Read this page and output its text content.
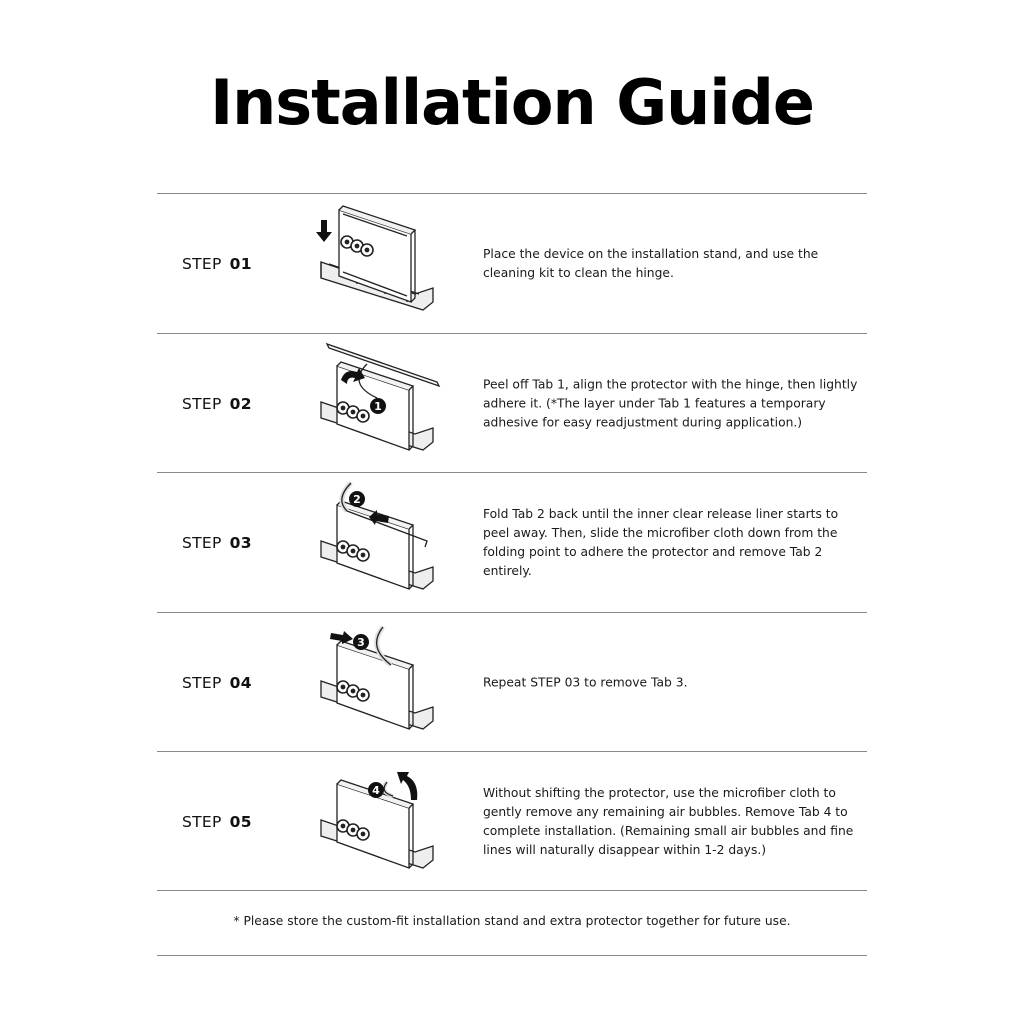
Installation Guide
STEP 01
Place the device on the installation stand, and use the cleaning kit to clean the hinge.
STEP 02	1
Peel off Tab 1, align the protector with the hinge, then lightly adhere it. (*The layer under Tab 1 features a temporary adhesive for easy readjustment during application.)
STEP 03
2
Fold Tab 2 back until the inner clear release liner starts to peel away. Then, slide the microfiber cloth down from the folding point to adhere the protector and remove Tab 2 entirely.
STEP 04
3
Repeat STEP 03 to remove Tab 3.
STEP 05
4	Without shifting the protector, use the microfiber cloth to gently remove any remaining air bubbles. Remove Tab 4 to complete installation. (Remaining small air bubbles and fine lines will naturally disappear within 1-2 days.)
* Please store the custom-fit installation stand and extra protector together for future use.
